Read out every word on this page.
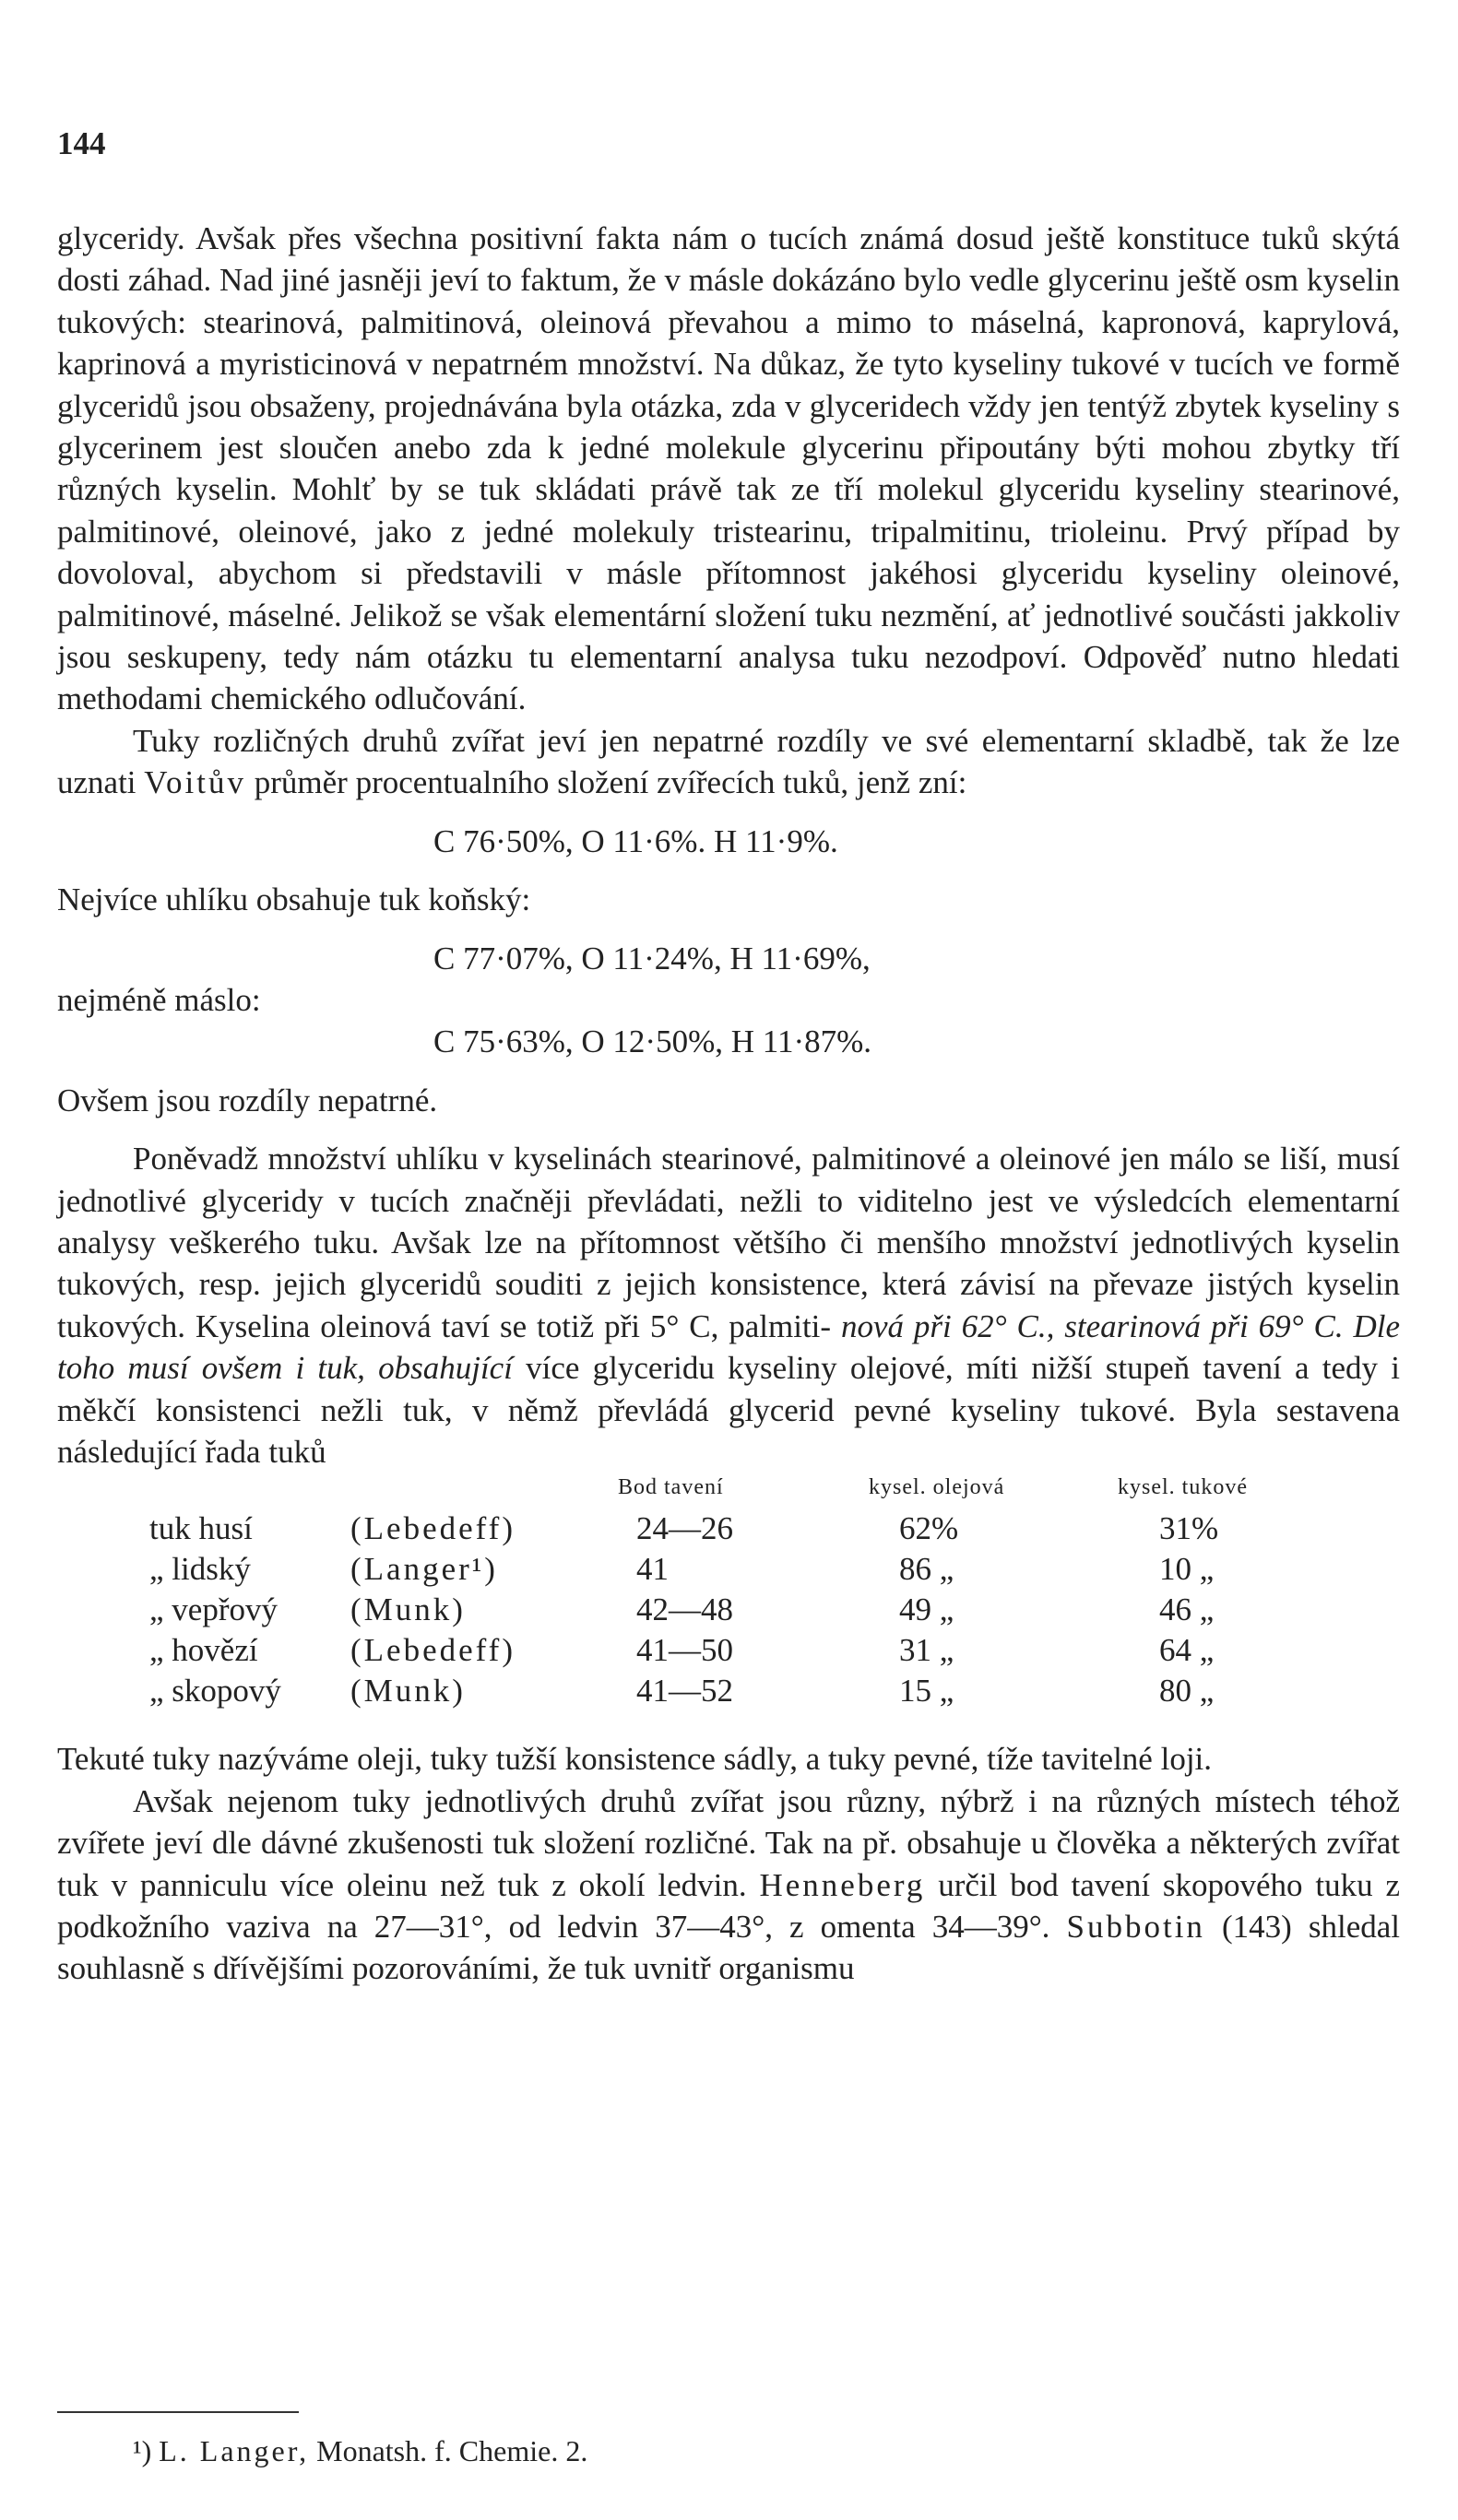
144

glyceridy. Avšak přes všechna positivní fakta nám o tucích známá dosud ještě konstituce tuků skýtá dosti záhad. Nad jiné jasněji jeví to faktum, že v másle dokázáno bylo vedle glycerinu ještě osm kyselin tukových: stearinová, palmitinová, oleinová převahou a mimo to máselná, kapronová, kaprylová, kaprinová a myristicinová v nepatrném množství. Na důkaz, že tyto kyseliny tukové v tucích ve formě glyceridů jsou obsaženy, projednávána byla otázka, zda v glyceridech vždy jen tentýž zbytek kyseliny s glycerinem jest sloučen anebo zda k jedné molekule glycerinu připoutány býti mohou zbytky tří různých kyselin. Mohlť by se tuk skládati právě tak ze tří molekul glyceridu kyseliny stearinové, palmitinové, oleinové, jako z jedné molekuly tristearinu, tripalmitinu, trioleinu. Prvý případ by dovoloval, abychom si představili v másle přítomnost jakéhosi glyceridu kyseliny oleinové, palmitinové, máselné. Jelikož se však elementární složení tuku nezmění, ať jednotlivé součásti jakkoliv jsou seskupeny, tedy nám otázku tu elementarní analysa tuku nezodpoví. Odpověď nutno hledati methodami chemického odlučování.

Tuky rozličných druhů zvířat jeví jen nepatrné rozdíly ve své elementarní skladbě, tak že lze uznati Voitův průměr procentualního složení zvířecích tuků, jenž zní:

C 76·50%, O 11·6%. H 11·9%.

Nejvíce uhlíku obsahuje tuk koňský:

C 77·07%, O 11·24%, H 11·69%,

nejméně máslo:

C 75·63%, O 12·50%, H 11·87%.

Ovšem jsou rozdíly nepatrné.

Poněvadž množství uhlíku v kyselinách stearinové, palmitinové a oleinové jen málo se liší, musí jednotlivé glyceridy v tucích značněji převládati, nežli to viditelno jest ve výsledcích elementarní analysy veškerého tuku. Avšak lze na přítomnost většího či menšího množství jednotlivých kyselin tukových, resp. jejich glyceridů souditi z jejich konsistence, která závisí na převaze jistých kyselin tukových. Kyselina oleinová taví se totiž při 5° C, palmiti- nová při 62° C., stearinová při 69° C. Dle toho musí ovšem i tuk, obsahující více glyceridu kyseliny olejové, míti nižší stupeň tavení a tedy i měkčí konsistenci nežli tuk, v němž převládá glycerid pevné kyseliny tukové. Byla sestavena následující řada tuků

Bod tavení	kysel. olejová	kysel. tukové
tuk husí	(Lebedeff)	24—26	62%	31%
„ lidský	(Langer¹)	41	86 „	10 „
„ vepřový (Munk)	42—48	49 „	46 „
„ hovězí	(Lebedeff)	41—50	31 „	64 „
„ skopový (Munk)	41—52	15 „	80 „

Tekuté tuky nazýváme oleji, tuky tužší konsistence sádly, a tuky pevné, tíže tavitelné loji.

Avšak nejenom tuky jednotlivých druhů zvířat jsou různy, nýbrž i na různých místech téhož zvířete jeví dle dávné zkušenosti tuk složení rozličné. Tak na př. obsahuje u člověka a některých zvířat tuk v panniculu více oleinu než tuk z okolí ledvin. Henneberg určil bod tavení skopového tuku z podkožního vaziva na 27—31°, od ledvin 37—43°, z omenta 34—39°. Subbotin (143) shledal souhlasně s dřívějšími pozorováními, že tuk uvnitř organismu

¹) L. Langer, Monatsh. f. Chemie. 2.
